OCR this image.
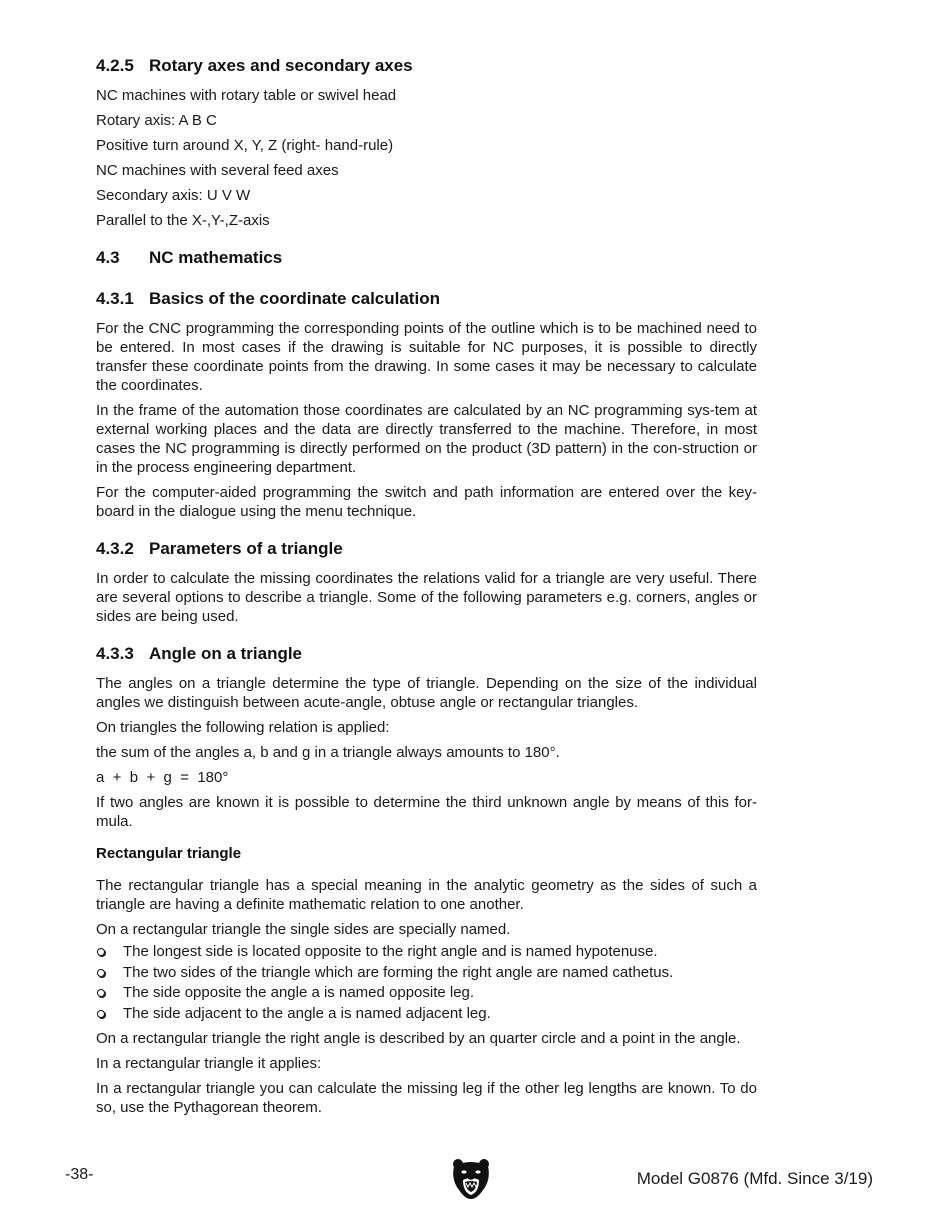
4.2.5 Rotary axes and secondary axes
NC machines with rotary table or swivel head
Rotary axis: A B C
Positive turn around X, Y, Z (right- hand-rule)
NC machines with several feed axes
Secondary axis: U V W
Parallel to the X-,Y-,Z-axis
4.3 NC mathematics
4.3.1 Basics of the coordinate calculation

For the CNC programming the corresponding points of the outline which is to be machined need to be entered. In most cases if the drawing is suitable for NC purposes, it is possible to directly transfer these coordinate points from the drawing. In some cases it may be necessary to calculate the coordinates.

In the frame of the automation those coordinates are calculated by an NC programming sys-tem at external working places and the data are directly transferred to the machine. Therefore, in most cases the NC programming is directly performed on the product (3D pattern) in the con-struction or in the process engineering department.

For the computer-aided programming the switch and path information are entered over the key-board in the dialogue using the menu technique.

4.3.2 Parameters of a triangle

In order to calculate the missing coordinates the relations valid for a triangle are very useful. There are several options to describe a triangle. Some of the following parameters e.g. corners, angles or sides are being used.

4.3.3 Angle on a triangle

The angles on a triangle determine the type of triangle. Depending on the size of the individual angles we distinguish between acute-angle, obtuse angle or rectangular triangles.

On triangles the following relation is applied:

the sum of the angles a, b and g in a triangle always amounts to 180°.

a  +  b  +  g  =  180°

If two angles are known it is possible to determine the third unknown angle by means of this for-mula.

Rectangular triangle

The rectangular triangle has a special meaning in the analytic geometry as the sides of such a triangle are having a definite mathematic relation to one another.

On a rectangular triangle the single sides are specially named.

The longest side is located opposite to the right angle and is named hypotenuse.
The two sides of the triangle which are forming the right angle are named cathetus.
The side opposite the angle a is named opposite leg.
The side adjacent to the angle a is named adjacent leg.

On a rectangular triangle the right angle is described by an quarter circle and a point in the angle.

In a rectangular triangle it applies:

In a rectangular triangle you can calculate the missing leg if the other leg lengths are known. To do so, use the Pythagorean theorem.

-38-	Model G0876 (Mfd. Since 3/19)
